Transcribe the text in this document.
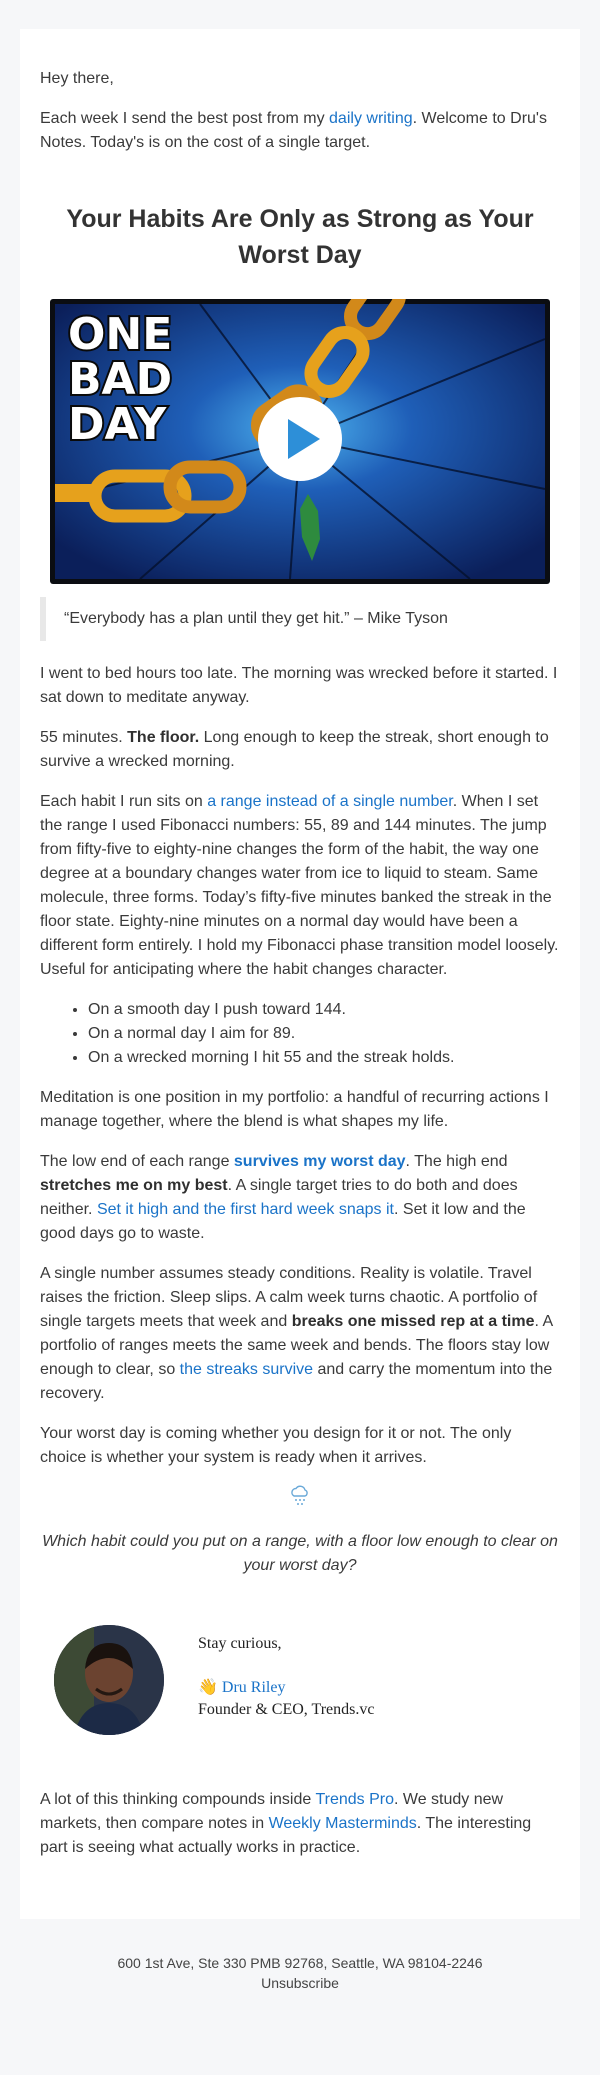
Hey there,

Each week I send the best post from my daily writing. Welcome to Dru's Notes. Today's is on the cost of a single target.

Your Habits Are Only as Strong as Your Worst Day
ONE
BAD
DAY
“Everybody has a plan until they get hit.” – Mike Tyson

I went to bed hours too late. The morning was wrecked before it started. I sat down to meditate anyway.

55 minutes. The floor. Long enough to keep the streak, short enough to survive a wrecked morning.

Each habit I run sits on a range instead of a single number. When I set the range I used Fibonacci numbers: 55, 89 and 144 minutes. The jump from fifty-five to eighty-nine changes the form of the habit, the way one degree at a boundary changes water from ice to liquid to steam. Same molecule, three forms. Today’s fifty-five minutes banked the streak in the floor state. Eighty-nine minutes on a normal day would have been a different form entirely. I hold my Fibonacci phase transition model loosely. Useful for anticipating where the habit changes character.

• On a smooth day I push toward 144.
• On a normal day I aim for 89.
• On a wrecked morning I hit 55 and the streak holds.

Meditation is one position in my portfolio: a handful of recurring actions I manage together, where the blend is what shapes my life.

The low end of each range survives my worst day. The high end stretches me on my best. A single target tries to do both and does neither. Set it high and the first hard week snaps it. Set it low and the good days go to waste.

A single number assumes steady conditions. Reality is volatile. Travel raises the friction. Sleep slips. A calm week turns chaotic. A portfolio of single targets meets that week and breaks one missed rep at a time. A portfolio of ranges meets the same week and bends. The floors stay low enough to clear, so the streaks survive and carry the momentum into the recovery.

Your worst day is coming whether you design for it or not. The only choice is whether your system is ready when it arrives.

Which habit could you put on a range, with a floor low enough to clear on your worst day?

Stay curious,
👋 Dru Riley
Founder & CEO, Trends.vc

A lot of this thinking compounds inside Trends Pro. We study new markets, then compare notes in Weekly Masterminds. The interesting part is seeing what actually works in practice.

600 1st Ave, Ste 330 PMB 92768, Seattle, WA 98104-2246
Unsubscribe
